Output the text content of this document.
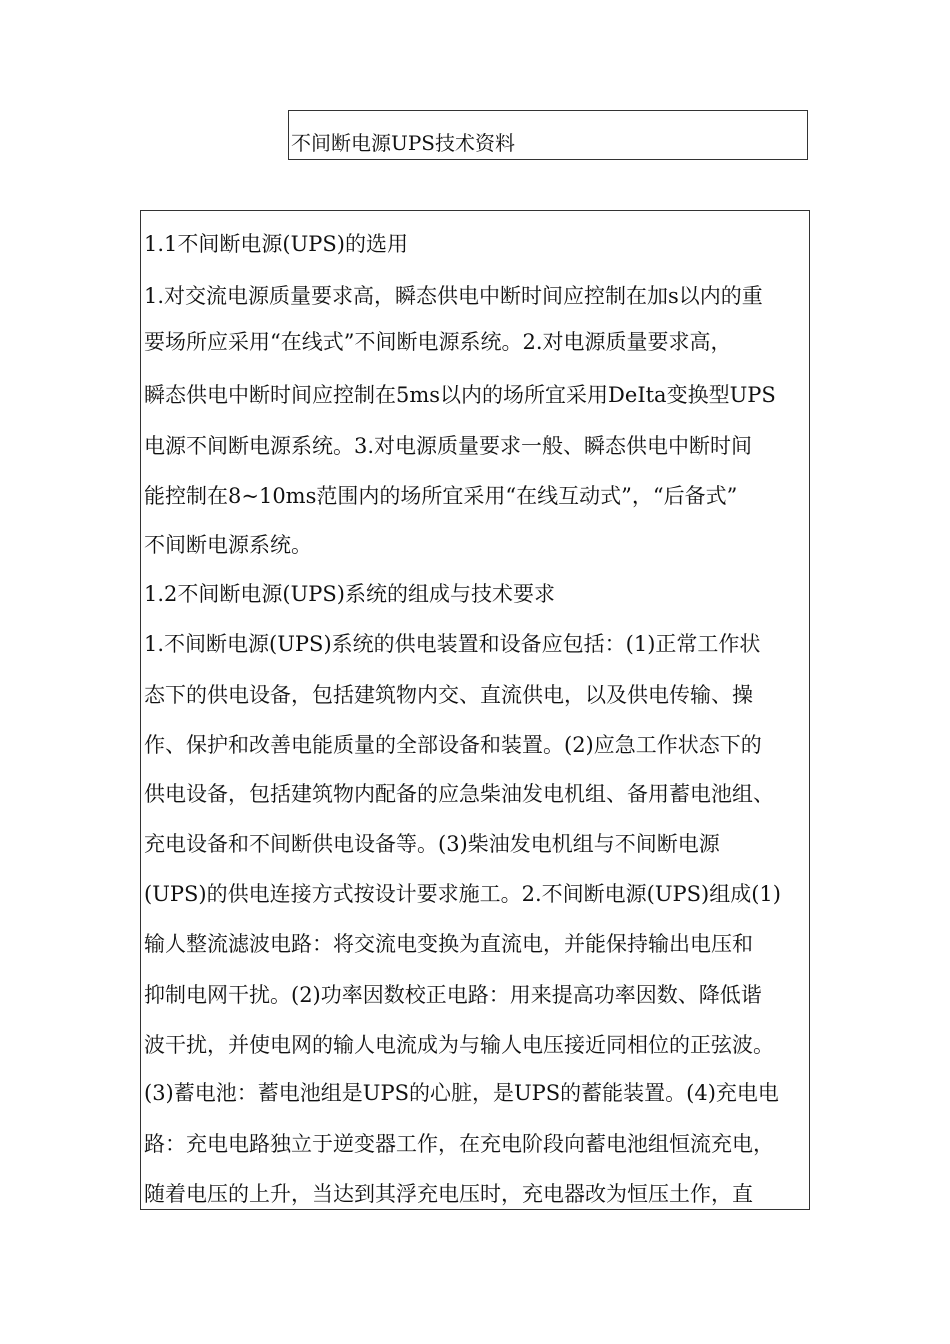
不间断电源UPS技术资料
1.1不间断电源(UPS)的选用
1.对交流电源质量要求高，瞬态供电中断时间应控制在加s以内的重
要场所应采用“在线式”不间断电源系统。2.对电源质量要求高，
瞬态供电中断时间应控制在5ms以内的场所宜采用DeIta变换型UPS
电源不间断电源系统。3.对电源质量要求一般、瞬态供电中断时间
能控制在8~10ms范围内的场所宜采用“在线互动式”，“后备式”
不间断电源系统。
1.2不间断电源(UPS)系统的组成与技术要求
1.不间断电源(UPS)系统的供电装置和设备应包括：(1)正常工作状
态下的供电设备，包括建筑物内交、直流供电，以及供电传输、操
作、保护和改善电能质量的全部设备和装置。(2)应急工作状态下的
供电设备，包括建筑物内配备的应急柴油发电机组、备用蓄电池组、
充电设备和不间断供电设备等。(3)柴油发电机组与不间断电源
(UPS)的供电连接方式按设计要求施工。2.不间断电源(UPS)组成(1)
输人整流滤波电路：将交流电变换为直流电，并能保持输出电压和
抑制电网干扰。(2)功率因数校正电路：用来提高功率因数、降低谐
波干扰，并使电网的输人电流成为与输人电压接近同相位的正弦波。
(3)蓄电池：蓄电池组是UPS的心脏，是UPS的蓄能装置。(4)充电电
路：充电电路独立于逆变器工作，在充电阶段向蓄电池组恒流充电，
随着电压的上升，当达到其浮充电压时，充电器改为恒压土作，直
